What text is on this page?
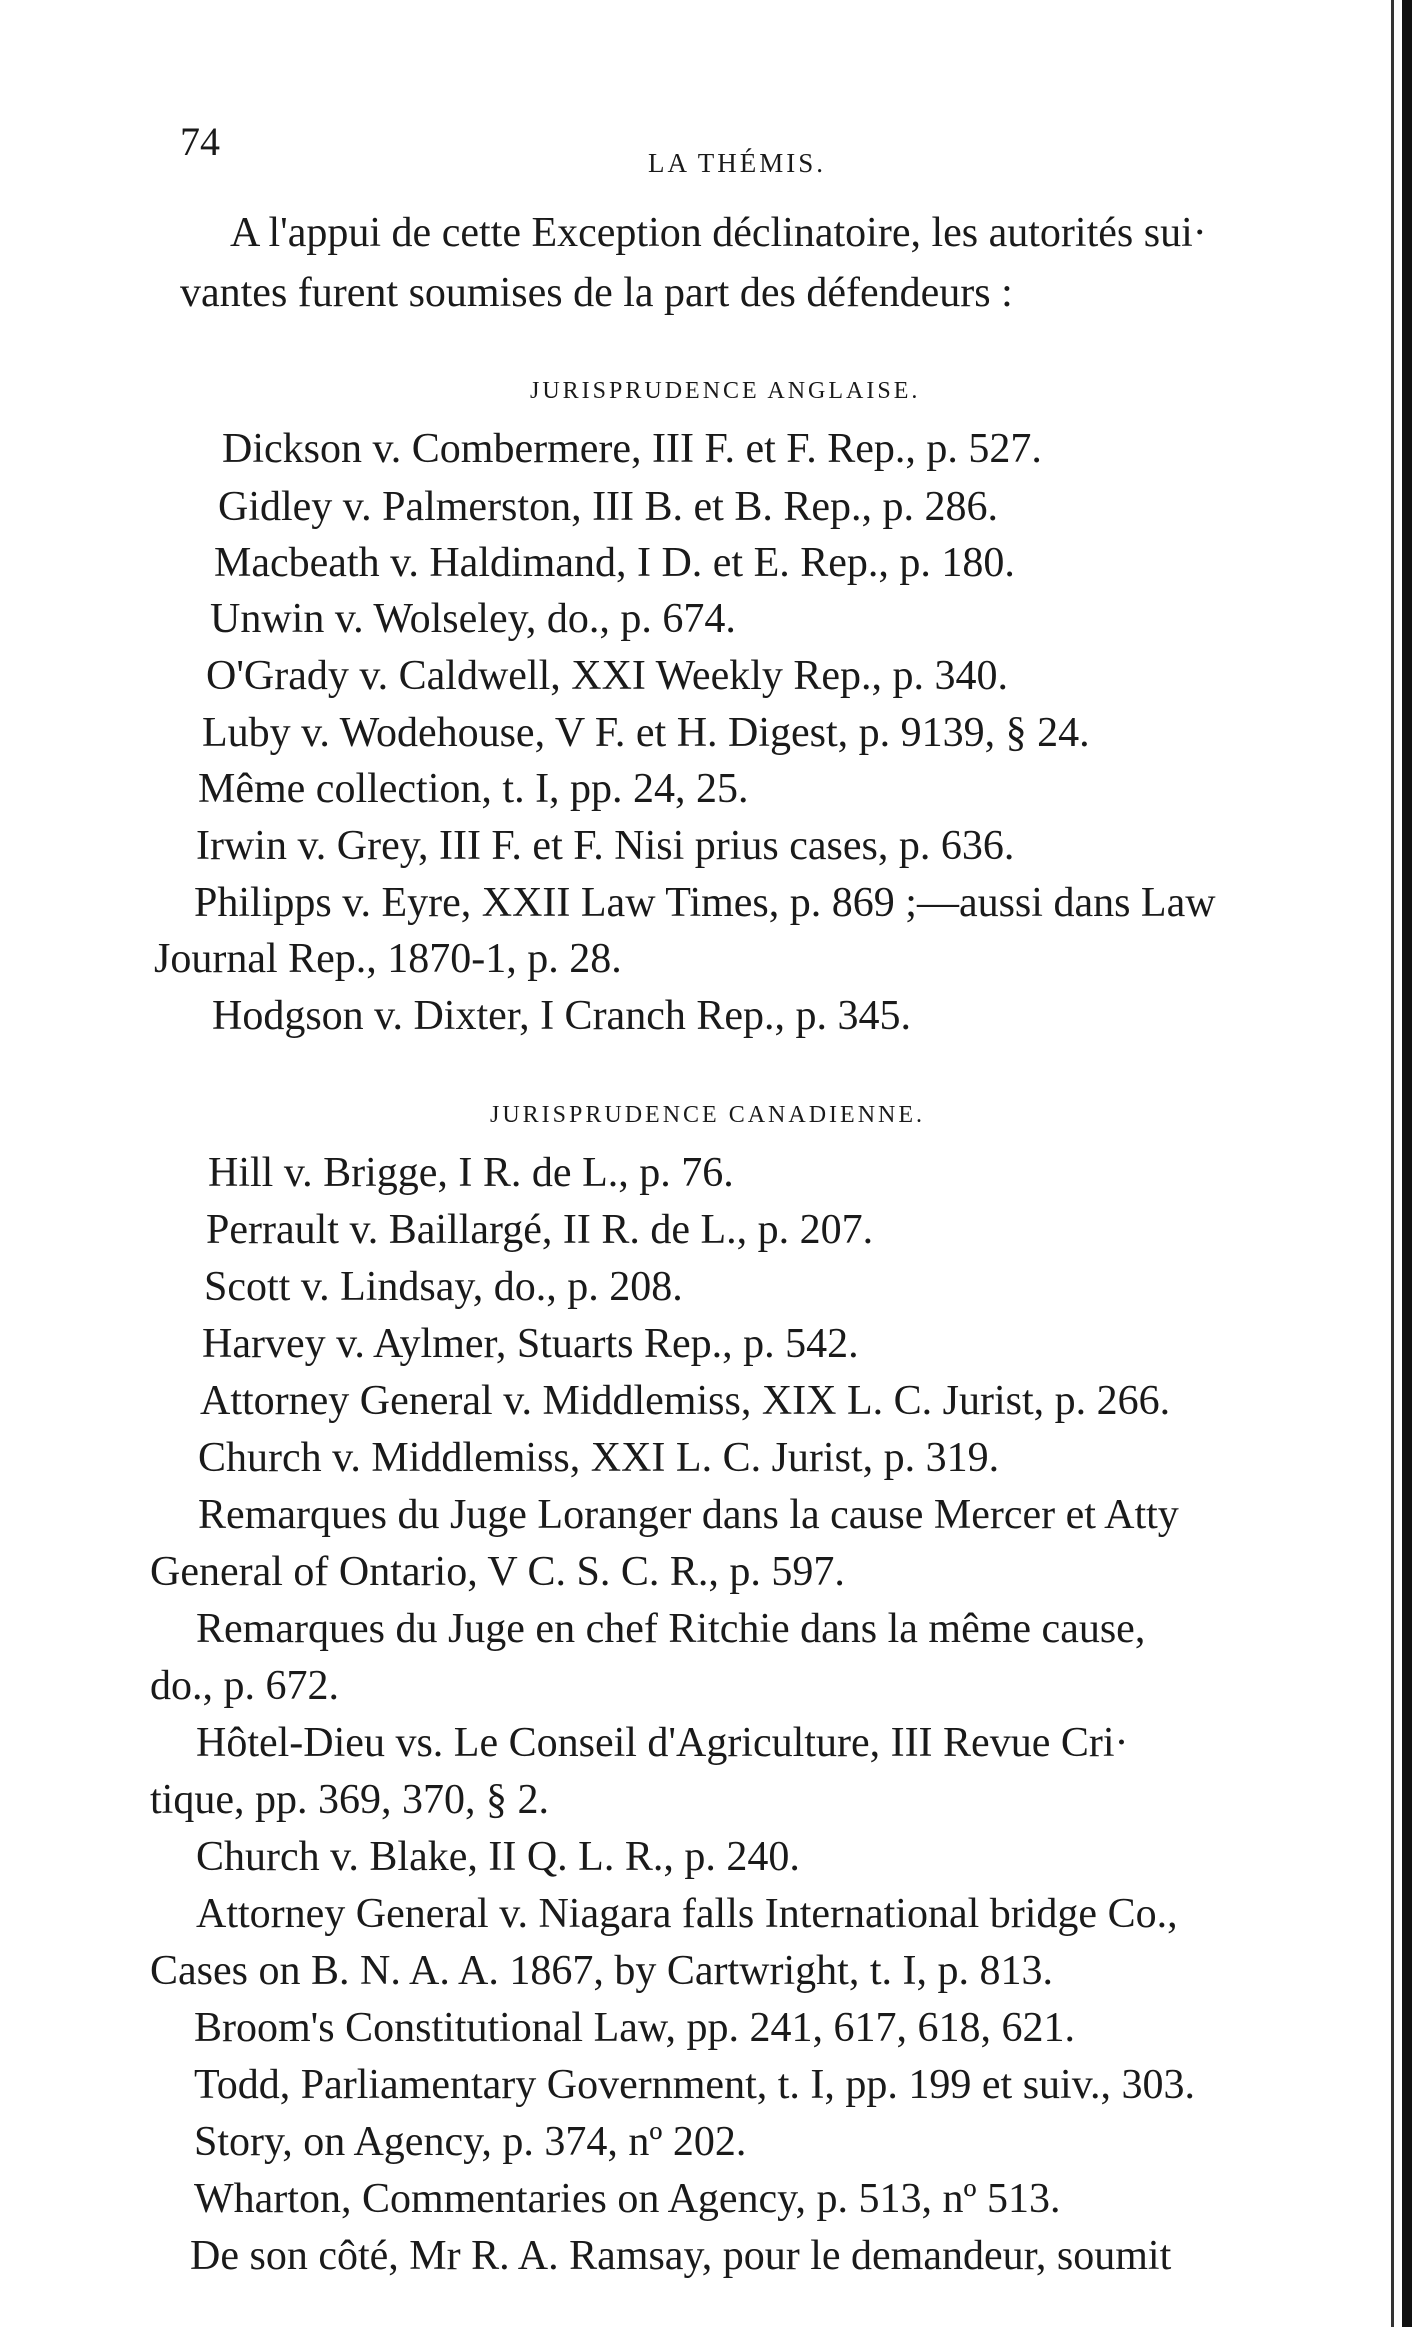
74	LA THÉMIS.
A l'appui de cette Exception déclinatoire, les autorités sui·
vantes furent soumises de la part des défendeurs :
JURISPRUDENCE ANGLAISE.
Dickson v. Combermere, III F. et F. Rep., p. 527.
Gidley v. Palmerston, III B. et B. Rep., p. 286.
Macbeath v. Haldimand, I D. et E. Rep., p. 180.
Unwin v. Wolseley, do., p. 674.
O'Grady v. Caldwell, XXI Weekly Rep., p. 340.
Luby v. Wodehouse, V F. et H. Digest, p. 9139, § 24.
Même collection, t. I, pp. 24, 25.
Irwin v. Grey, III F. et F. Nisi prius cases, p. 636.
Philipps v. Eyre, XXII Law Times, p. 869 ;—aussi dans Law
Journal Rep., 1870-1, p. 28.
Hodgson v. Dixter, I Cranch Rep., p. 345.
JURISPRUDENCE CANADIENNE.
Hill v. Brigge, I R. de L., p. 76.
Perrault v. Baillargé, II R. de L., p. 207.
Scott v. Lindsay, do., p. 208.
Harvey v. Aylmer, Stuarts Rep., p. 542.
Attorney General v. Middlemiss, XIX L. C. Jurist, p. 266.
Church v. Middlemiss, XXI L. C. Jurist, p. 319.
Remarques du Juge Loranger dans la cause Mercer et Atty
General of Ontario, V C. S. C. R., p. 597.
Remarques du Juge en chef Ritchie dans la même cause,
do., p. 672.
Hôtel-Dieu vs. Le Conseil d'Agriculture, III Revue Cri·
tique, pp. 369, 370, § 2.
Church v. Blake, II Q. L. R., p. 240.
Attorney General v. Niagara falls International bridge Co.,
Cases on B. N. A. A. 1867, by Cartwright, t. I, p. 813.
Broom's Constitutional Law, pp. 241, 617, 618, 621.
Todd, Parliamentary Government, t. I, pp. 199 et suiv., 303.
Story, on Agency, p. 374, nº 202.
Wharton, Commentaries on Agency, p. 513, nº 513.
De son côté, Mr R. A. Ramsay, pour le demandeur, soumit
